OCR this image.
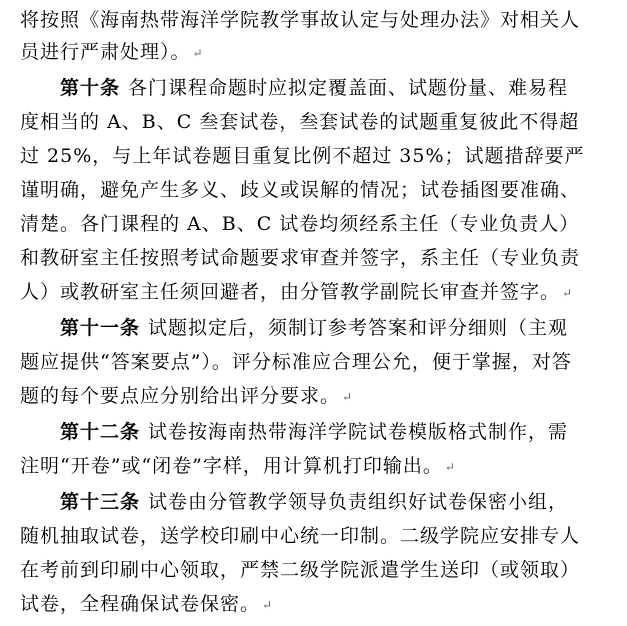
将按照《海南热带海洋学院教学事故认定与处理办法》对相关人
员进行严肃处理）。 ↵
第十条 各门课程命题时应拟定覆盖面、试题份量、难易程
度相当的 A、B、C 叁套试卷，叁套试卷的试题重复彼此不得超
过 25%，与上年试卷题目重复比例不超过 35%；试题措辞要严
谨明确，避免产生多义、歧义或误解的情况；试卷插图要准确、
清楚。各门课程的 A、B、C 试卷均须经系主任（专业负责人）
和教研室主任按照考试命题要求审查并签字，系主任（专业负责
人）或教研室主任须回避者，由分管教学副院长审查并签字。 ↵
第十一条 试题拟定后，须制订参考答案和评分细则（主观
题应提供“答案要点”）。评分标准应合理公允，便于掌握，对答
题的每个要点应分别给出评分要求。 ↵
第十二条 试卷按海南热带海洋学院试卷模版格式制作，需
注明“开卷”或“闭卷”字样，用计算机打印输出。 ↵
第十三条 试卷由分管教学领导负责组织好试卷保密小组，
随机抽取试卷，送学校印刷中心统一印制。二级学院应安排专人
在考前到印刷中心领取，严禁二级学院派遣学生送印（或领取）
试卷，全程确保试卷保密。 ↵
